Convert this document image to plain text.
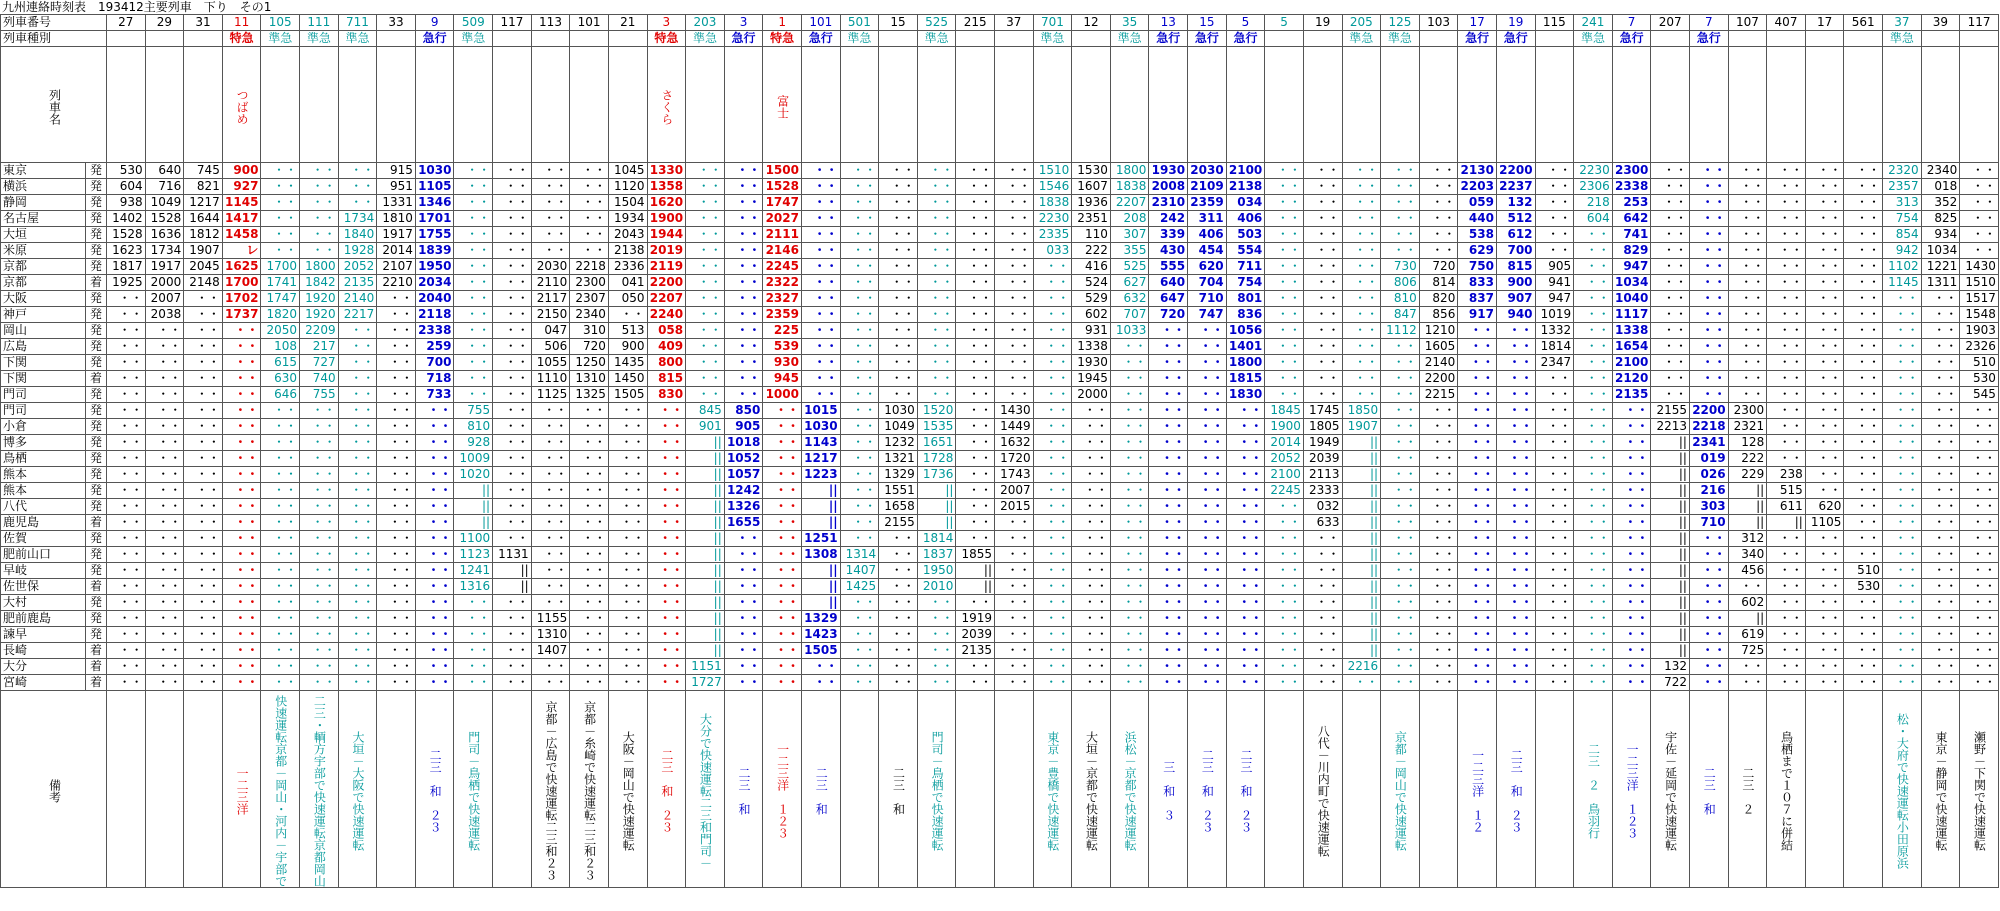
九州連絡時刻表　193412主要列車　下り　その1
列車番号		27	29	31	11	105	111	711	33	9	509	117	113	101	21	3	203	3	1	101	501	15	525	215	37	701	12	35	13	15	5	5	19	205	125	103	17	19	115	241	7	207	7	107	407	17	561	37	39	117
列車種別					特急	準急	準急	準急		急行	準急					特急	準急	急行	特急	急行	準急		準急			準急		準急	急行	急行	急行			準急	準急		急行	急行		準急	急行		急行					準急		

列車名					つばめ											さくら			富士																															

東京	発	530	640	745	900	・・	・・	・・	915	1030	・・	・・	・・	・・	1045	1330	・・	・・	1500	・・	・・	・・	・・	・・	・・	1510	1530	1800	1930	2030	2100	・・	・・	・・	・・	・・	2130	2200	・・	2230	2300	・・	・・	・・	・・	・・	・・	2320	2340	・・
横浜	発	604	716	821	927	・・	・・	・・	951	1105	・・	・・	・・	・・	1120	1358	・・	・・	1528	・・	・・	・・	・・	・・	・・	1546	1607	1838	2008	2109	2138	・・	・・	・・	・・	・・	2203	2237	・・	2306	2338	・・	・・	・・	・・	・・	・・	2357	018	・・
静岡	発	938	1049	1217	1145	・・	・・	・・	1331	1346	・・	・・	・・	・・	1504	1620	・・	・・	1747	・・	・・	・・	・・	・・	・・	1838	1936	2207	2310	2359	034	・・	・・	・・	・・	・・	059	132	・・	218	253	・・	・・	・・	・・	・・	・・	313	352	・・
名古屋	発	1402	1528	1644	1417	・・	・・	1734	1810	1701	・・	・・	・・	・・	1934	1900	・・	・・	2027	・・	・・	・・	・・	・・	・・	2230	2351	208	242	311	406	・・	・・	・・	・・	・・	440	512	・・	604	642	・・	・・	・・	・・	・・	・・	754	825	・・
大垣	発	1528	1636	1812	1458	・・	・・	1840	1917	1755	・・	・・	・・	・・	2043	1944	・・	・・	2111	・・	・・	・・	・・	・・	・・	2335	110	307	339	406	503	・・	・・	・・	・・	・・	538	612	・・	・・	741	・・	・・	・・	・・	・・	・・	854	934	・・
米原	発	1623	1734	1907	レ	・・	・・	1928	2014	1839	・・	・・	・・	・・	2138	2019	・・	・・	2146	・・	・・	・・	・・	・・	・・	033	222	355	430	454	554	・・	・・	・・	・・	・・	629	700	・・	・・	829	・・	・・	・・	・・	・・	・・	942	1034	・・
京都	発	1817	1917	2045	1625	1700	1800	2052	2107	1950	・・	・・	2030	2218	2336	2119	・・	・・	2245	・・	・・	・・	・・	・・	・・	・・	416	525	555	620	711	・・	・・	・・	730	720	750	815	905	・・	947	・・	・・	・・	・・	・・	・・	1102	1221	1430
京都	着	1925	2000	2148	1700	1741	1842	2135	2210	2034	・・	・・	2110	2300	041	2200	・・	・・	2322	・・	・・	・・	・・	・・	・・	・・	524	627	640	704	754	・・	・・	・・	806	814	833	900	941	・・	1034	・・	・・	・・	・・	・・	・・	1145	1311	1510
大阪	発	・・	2007	・・	1702	1747	1920	2140	・・	2040	・・	・・	2117	2307	050	2207	・・	・・	2327	・・	・・	・・	・・	・・	・・	・・	529	632	647	710	801	・・	・・	・・	810	820	837	907	947	・・	1040	・・	・・	・・	・・	・・	・・	・・	・・	1517
神戸	発	・・	2038	・・	1737	1820	1920	2217	・・	2118	・・	・・	2150	2340	・・	2240	・・	・・	2359	・・	・・	・・	・・	・・	・・	・・	602	707	720	747	836	・・	・・	・・	847	856	917	940	1019	・・	1117	・・	・・	・・	・・	・・	・・	・・	・・	1548
岡山	発	・・	・・	・・	・・	2050	2209	・・	・・	2338	・・	・・	047	310	513	058	・・	・・	225	・・	・・	・・	・・	・・	・・	・・	931	1033	・・	・・	1056	・・	・・	・・	1112	1210	・・	・・	1332	・・	1338	・・	・・	・・	・・	・・	・・	・・	・・	1903
広島	発	・・	・・	・・	・・	108	217	・・	・・	259	・・	・・	506	720	900	409	・・	・・	539	・・	・・	・・	・・	・・	・・	・・	1338	・・	・・	・・	1401	・・	・・	・・	・・	1605	・・	・・	1814	・・	1654	・・	・・	・・	・・	・・	・・	・・	・・	2326
下関	発	・・	・・	・・	・・	615	727	・・	・・	700	・・	・・	1055	1250	1435	800	・・	・・	930	・・	・・	・・	・・	・・	・・	・・	1930	・・	・・	・・	1800	・・	・・	・・	・・	2140	・・	・・	2347	・・	2100	・・	・・	・・	・・	・・	・・	・・	・・	510
下関	着	・・	・・	・・	・・	630	740	・・	・・	718	・・	・・	1110	1310	1450	815	・・	・・	945	・・	・・	・・	・・	・・	・・	・・	1945	・・	・・	・・	1815	・・	・・	・・	・・	2200	・・	・・	・・	・・	2120	・・	・・	・・	・・	・・	・・	・・	・・	530
門司	発	・・	・・	・・	・・	646	755	・・	・・	733	・・	・・	1125	1325	1505	830	・・	・・	1000	・・	・・	・・	・・	・・	・・	・・	2000	・・	・・	・・	1830	・・	・・	・・	・・	2215	・・	・・	・・	・・	2135	・・	・・	・・	・・	・・	・・	・・	・・	545
門司	発	・・	・・	・・	・・	・・	・・	・・	・・	・・	755	・・	・・	・・	・・	・・	845	850	・・	1015	・・	1030	1520	・・	1430	・・	・・	・・	・・	・・	・・	1845	1745	1850	・・	・・	・・	・・	・・	・・	・・	2155	2200	2300	・・	・・	・・	・・	・・	・・
小倉	発	・・	・・	・・	・・	・・	・・	・・	・・	・・	810	・・	・・	・・	・・	・・	901	905	・・	1030	・・	1049	1535	・・	1449	・・	・・	・・	・・	・・	・・	1900	1805	1907	・・	・・	・・	・・	・・	・・	・・	2213	2218	2321	・・	・・	・・	・・	・・	・・
博多	発	・・	・・	・・	・・	・・	・・	・・	・・	・・	928	・・	・・	・・	・・	・・	||	1018	・・	1143	・・	1232	1651	・・	1632	・・	・・	・・	・・	・・	・・	2014	1949	||	・・	・・	・・	・・	・・	・・	・・	||	2341	128	・・	・・	・・	・・	・・	・・
鳥栖	発	・・	・・	・・	・・	・・	・・	・・	・・	・・	1009	・・	・・	・・	・・	・・	||	1052	・・	1217	・・	1321	1728	・・	1720	・・	・・	・・	・・	・・	・・	2052	2039	||	・・	・・	・・	・・	・・	・・	・・	||	019	222	・・	・・	・・	・・	・・	・・
熊本	発	・・	・・	・・	・・	・・	・・	・・	・・	・・	1020	・・	・・	・・	・・	・・	||	1057	・・	1223	・・	1329	1736	・・	1743	・・	・・	・・	・・	・・	・・	2100	2113	||	・・	・・	・・	・・	・・	・・	・・	||	026	229	238	・・	・・	・・	・・	・・
熊本	発	・・	・・	・・	・・	・・	・・	・・	・・	・・	||	・・	・・	・・	・・	・・	||	1242	・・	||	・・	1551	||	・・	2007	・・	・・	・・	・・	・・	・・	2245	2333	||	・・	・・	・・	・・	・・	・・	・・	||	216	||	515	・・	・・	・・	・・	・・
八代	発	・・	・・	・・	・・	・・	・・	・・	・・	・・	||	・・	・・	・・	・・	・・	||	1326	・・	||	・・	1658	||	・・	2015	・・	・・	・・	・・	・・	・・	・・	032	||	・・	・・	・・	・・	・・	・・	・・	||	303	||	611	620	・・	・・	・・	・・
鹿児島	着	・・	・・	・・	・・	・・	・・	・・	・・	・・	||	・・	・・	・・	・・	・・	||	1655	・・	||	・・	2155	||	・・	・・	・・	・・	・・	・・	・・	・・	・・	633	||	・・	・・	・・	・・	・・	・・	・・	||	710	||	||	1105	・・	・・	・・	・・
佐賀	発	・・	・・	・・	・・	・・	・・	・・	・・	・・	1100	・・	・・	・・	・・	・・	||	・・	・・	1251	・・	・・	1814	・・	・・	・・	・・	・・	・・	・・	・・	・・	・・	||	・・	・・	・・	・・	・・	・・	・・	||	・・	312	・・	・・	・・	・・	・・	・・
肥前山口	発	・・	・・	・・	・・	・・	・・	・・	・・	・・	1123	1131	・・	・・	・・	・・	||	・・	・・	1308	1314	・・	1837	1855	・・	・・	・・	・・	・・	・・	・・	・・	・・	||	・・	・・	・・	・・	・・	・・	・・	||	・・	340	・・	・・	・・	・・	・・	・・
早岐	発	・・	・・	・・	・・	・・	・・	・・	・・	・・	1241	||	・・	・・	・・	・・	||	・・	・・	||	1407	・・	1950	||	・・	・・	・・	・・	・・	・・	・・	・・	・・	||	・・	・・	・・	・・	・・	・・	・・	||	・・	456	・・	・・	510	・・	・・	・・
佐世保	着	・・	・・	・・	・・	・・	・・	・・	・・	・・	1316	||	・・	・・	・・	・・	||	・・	・・	||	1425	・・	2010	||	・・	・・	・・	・・	・・	・・	・・	・・	・・	||	・・	・・	・・	・・	・・	・・	・・	||	・・	・・	・・	・・	530	・・	・・	・・
大村	発	・・	・・	・・	・・	・・	・・	・・	・・	・・	・・	・・	・・	・・	・・	・・	||	・・	・・	||	・・	・・	・・	・・	・・	・・	・・	・・	・・	・・	・・	・・	・・	||	・・	・・	・・	・・	・・	・・	・・	||	・・	602	・・	・・	・・	・・	・・	・・
肥前鹿島	発	・・	・・	・・	・・	・・	・・	・・	・・	・・	・・	・・	1155	・・	・・	・・	||	・・	・・	1329	・・	・・	・・	1919	・・	・・	・・	・・	・・	・・	・・	・・	・・	||	・・	・・	・・	・・	・・	・・	・・	||	・・	||	・・	・・	・・	・・	・・	・・
諫早	発	・・	・・	・・	・・	・・	・・	・・	・・	・・	・・	・・	1310	・・	・・	・・	||	・・	・・	1423	・・	・・	・・	2039	・・	・・	・・	・・	・・	・・	・・	・・	・・	||	・・	・・	・・	・・	・・	・・	・・	||	・・	619	・・	・・	・・	・・	・・	・・
長崎	着	・・	・・	・・	・・	・・	・・	・・	・・	・・	・・	・・	1407	・・	・・	・・	||	・・	・・	1505	・・	・・	・・	2135	・・	・・	・・	・・	・・	・・	・・	・・	・・	||	・・	・・	・・	・・	・・	・・	・・	||	・・	725	・・	・・	・・	・・	・・	・・
大分	着	・・	・・	・・	・・	・・	・・	・・	・・	・・	・・	・・	・・	・・	・・	・・	1151	・・	・・	・・	・・	・・	・・	・・	・・	・・	・・	・・	・・	・・	・・	・・	・・	2216	・・	・・	・・	・・	・・	・・	・・	132	・・	・・	・・	・・	・・	・・	・・	・・
宮崎	着	・・	・・	・・	・・	・・	・・	・・	・・	・・	・・	・・	・・	・・	・・	・・	1727	・・	・・	・・	・・	・・	・・	・・	・・	・・	・・	・・	・・	・・	・・	・・	・・	・・	・・	・・	・・	・・	・・	・・	・・	722	・・	・・	・・	・・	・・	・・	・・	・・

備考					一二三洋	快速運転京都－岡山・河内－宇部で	二三・輌方宇部で快速運転京都岡山	大垣－大阪で快速運転		二三　和　２３	門司－鳥栖で快速運転		京都－広島で快速運転二三和２３	京都－糸崎で快速運転二三和２３	大阪－岡山で快速運転	二三　和　２３	大分で快速運転二三和門司－	二三　和	一二三洋　１２３	二三　和		二三　和	門司－鳥栖で快速運転			東京－豊橋で快速運転	大垣－京都で快速運転	浜松－京都で快速運転	三　和　３	二三　和　２３	二三　和　２３		八代－川内町で快速運転		京都－岡山で快速運転		一二三洋　１２	二三　和　２３		二三　２　鳥羽行	一二三洋　１２３	宇佐－延岡で快速運転	二三　和	二三　２	鳥栖まで１０７に併結			松・大府で快速運転小田原浜	東京－静岡で快速運転	瀬野－下関で快速運転
